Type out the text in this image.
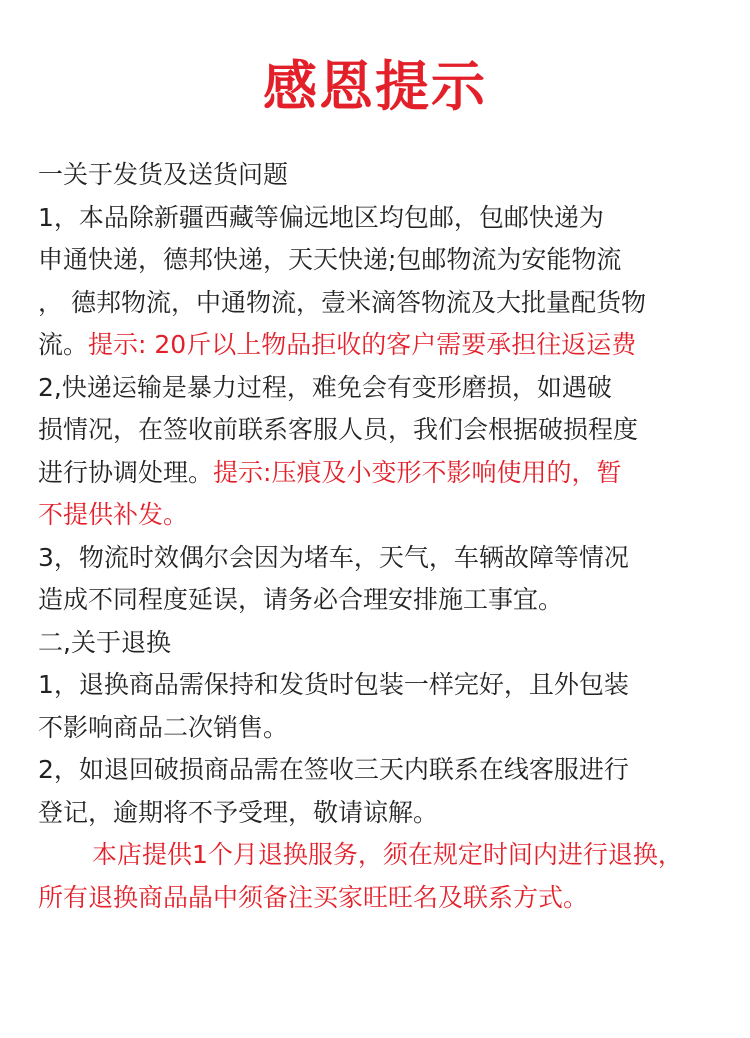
感恩提示
一关于发货及送货问题
1，本品除新疆西藏等偏远地区均包邮，包邮快递为
申通快递，德邦快递，天天快递;包邮物流为安能物流
， 德邦物流，中通物流，壹米滴答物流及大批量配货物
流。提示: 20斤以上物品拒收的客户需要承担往返运费
2,快递运输是暴力过程，难免会有变形磨损，如遇破
损情况，在签收前联系客服人员，我们会根据破损程度
进行协调处理。提示:压痕及小变形不影响使用的，暂
不提供补发。
3，物流时效偶尔会因为堵车，天气，车辆故障等情况
造成不同程度延误，请务必合理安排施工事宜。
二,关于退换
1，退换商品需保持和发货时包装一样完好，且外包装
不影响商品二次销售。
2，如退回破损商品需在签收三天内联系在线客服进行
登记，逾期将不予受理，敬请谅解。
本店提供1个月退换服务，须在规定时间内进行退换，
所有退换商品晶中须备注买家旺旺名及联系方式。
